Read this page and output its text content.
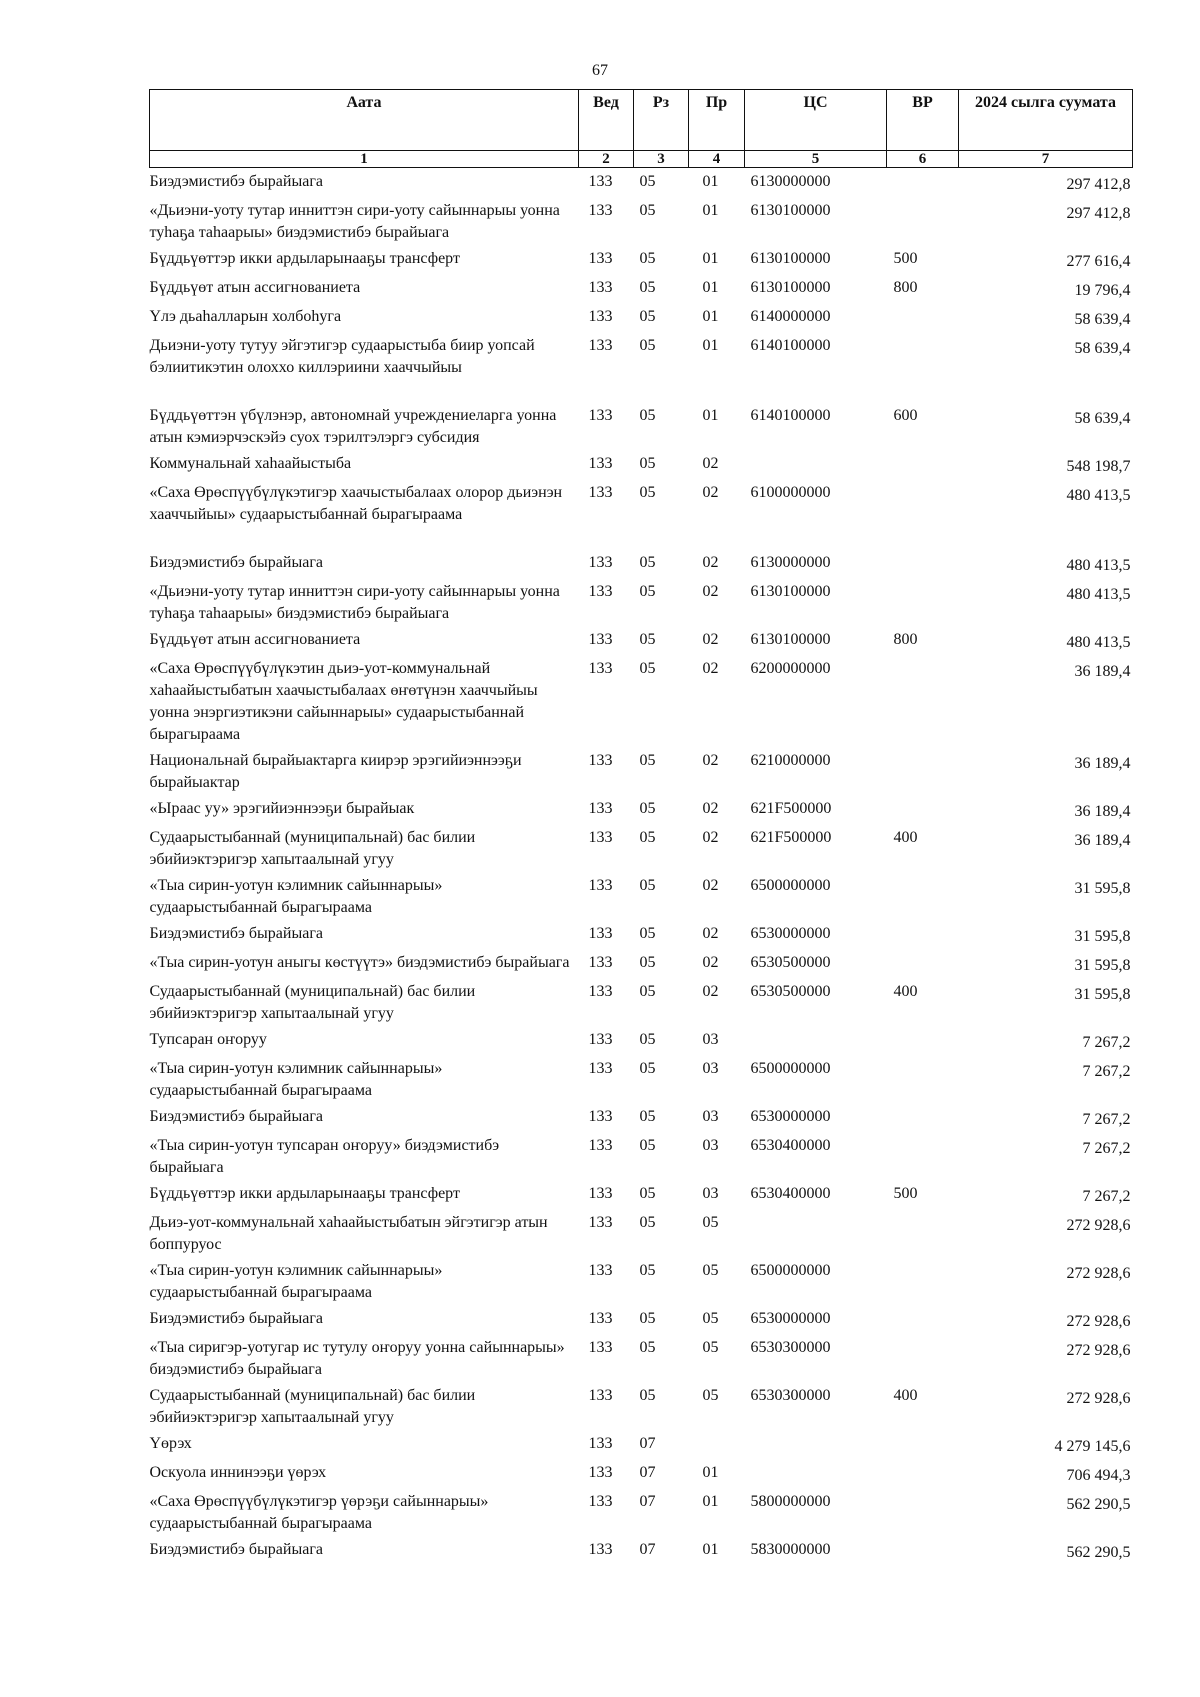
67
Аата	Вед	Рз	Пр	ЦС	ВР	2024 сылга суумата
1	2	3	4	5	6	7
Биэдэмистибэ бырайыага	133	05	01	6130000000		297 412,8
«Дьиэни-уоту тутар инниттэн сири-уоту сайыннарыы уонна туһаҕа таһаарыы» биэдэмистибэ бырайыага	133	05	01	6130100000		297 412,8
Бүддьүөттэр икки ардыларынааҕы трансферт	133	05	01	6130100000	500	277 616,4
Бүддьүөт атын ассигнованиета	133	05	01	6130100000	800	19 796,4
Үлэ дьаһалларын холбоһуга	133	05	01	6140000000		58 639,4
Дьиэни-уоту тутуу эйгэтигэр судаарыстыба биир уопсай бэлиитикэтин олоххо киллэриини хааччыйыы	133	05	01	6140100000		58 639,4
Бүддьүөттэн үбүлэнэр, автономнай учреждениеларга уонна атын кэмиэрчэскэйэ суох тэрилтэлэргэ субсидия	133	05	01	6140100000	600	58 639,4
Коммунальнай хаһаайыстыба	133	05	02			548 198,7
«Саха Өрөспүүбүлүкэтигэр хаачыстыбалаах олорор дьиэнэн хааччыйыы» судаарыстыбаннай бырагыраама	133	05	02	6100000000		480 413,5
Биэдэмистибэ бырайыага	133	05	02	6130000000		480 413,5
«Дьиэни-уоту тутар инниттэн сири-уоту сайыннарыы уонна туһаҕа таһаарыы» биэдэмистибэ бырайыага	133	05	02	6130100000		480 413,5
Бүддьүөт атын ассигнованиета	133	05	02	6130100000	800	480 413,5
«Саха Өрөспүүбүлүкэтин дьиэ-уот-коммунальнай хаһаайыстыбатын хаачыстыбалаах өҥөтүнэн хааччыйыы уонна энэргиэтикэни сайыннарыы» судаарыстыбаннай бырагыраама	133	05	02	6200000000		36 189,4
Национальнай бырайыактарга киирэр эрэгийиэннээҕи бырайыактар	133	05	02	6210000000		36 189,4
«Ыраас уу» эрэгийиэннээҕи бырайыак	133	05	02	621F500000		36 189,4
Судаарыстыбаннай (муниципальнай) бас билии эбийиэктэригэр хапытаалынай угуу	133	05	02	621F500000	400	36 189,4
«Тыа сирин-уотун кэлимник сайыннарыы» судаарыстыбаннай бырагыраама	133	05	02	6500000000		31 595,8
Биэдэмистибэ бырайыага	133	05	02	6530000000		31 595,8
«Тыа сирин-уотун аныгы көстүүтэ» биэдэмистибэ бырайыага	133	05	02	6530500000		31 595,8
Судаарыстыбаннай (муниципальнай) бас билии эбийиэктэригэр хапытаалынай угуу	133	05	02	6530500000	400	31 595,8
Тупсаран оҥоруу	133	05	03			7 267,2
«Тыа сирин-уотун кэлимник сайыннарыы» судаарыстыбаннай бырагыраама	133	05	03	6500000000		7 267,2
Биэдэмистибэ бырайыага	133	05	03	6530000000		7 267,2
«Тыа сирин-уотун тупсаран оҥоруу» биэдэмистибэ бырайыага	133	05	03	6530400000		7 267,2
Бүддьүөттэр икки ардыларынааҕы трансферт	133	05	03	6530400000	500	7 267,2
Дьиэ-уот-коммунальнай хаһаайыстыбатын эйгэтигэр атын боппуруос	133	05	05			272 928,6
«Тыа сирин-уотун кэлимник сайыннарыы» судаарыстыбаннай бырагыраама	133	05	05	6500000000		272 928,6
Биэдэмистибэ бырайыага	133	05	05	6530000000		272 928,6
«Тыа сиригэр-уотугар ис тутулу оҥоруу уонна сайыннарыы» биэдэмистибэ бырайыага	133	05	05	6530300000		272 928,6
Судаарыстыбаннай (муниципальнай) бас билии эбийиэктэригэр хапытаалынай угуу	133	05	05	6530300000	400	272 928,6
Үөрэх	133	07				4 279 145,6
Оскуола иннинээҕи үөрэх	133	07	01			706 494,3
«Саха Өрөспүүбүлүкэтигэр үөрэҕи сайыннарыы» судаарыстыбаннай бырагыраама	133	07	01	5800000000		562 290,5
Биэдэмистибэ бырайыага	133	07	01	5830000000		562 290,5
